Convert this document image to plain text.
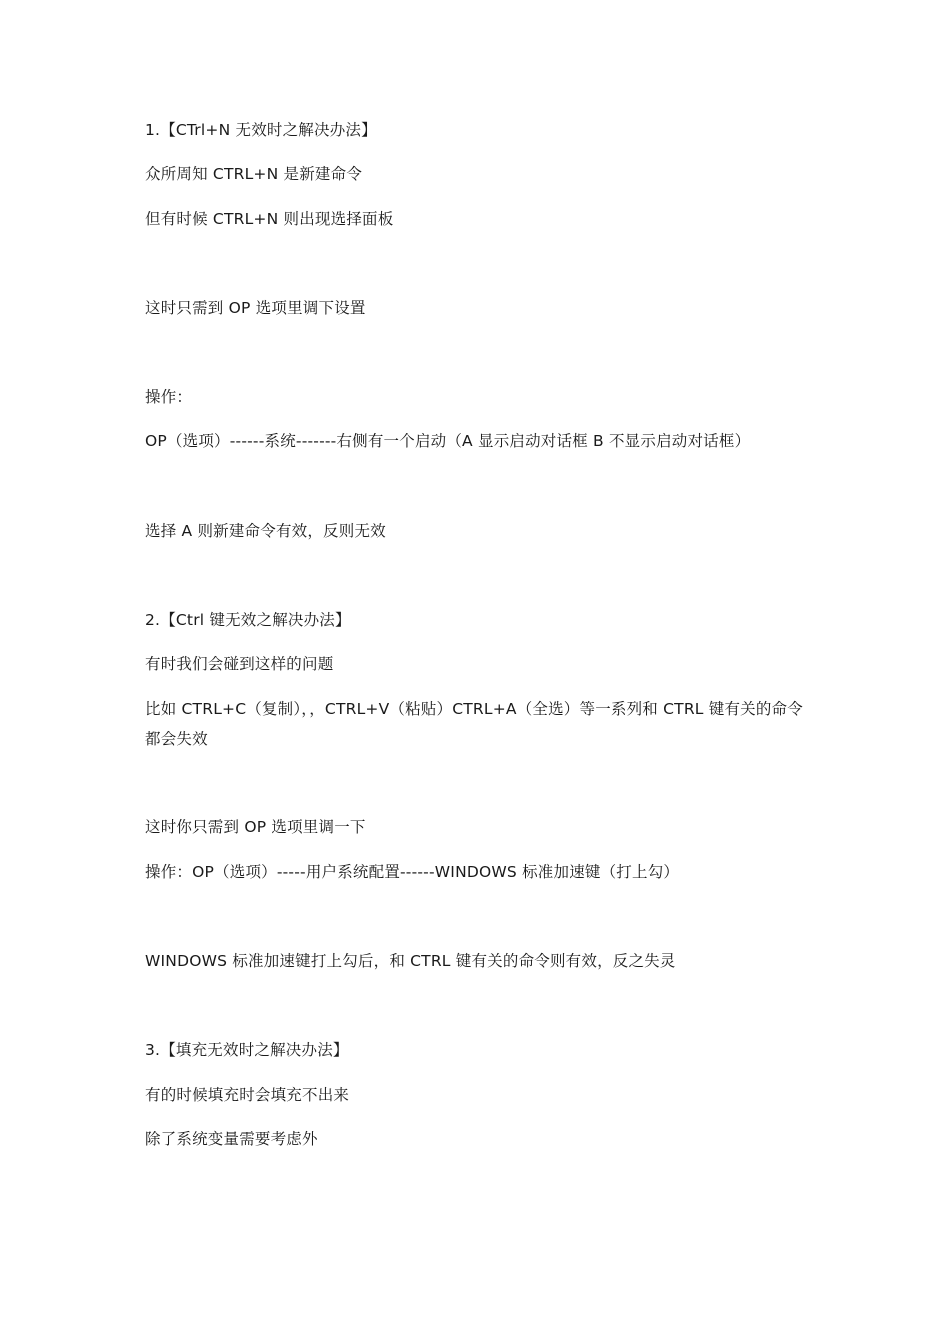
1.【CTrl+N 无效时之解决办法】
众所周知 CTRL+N 是新建命令
但有时候 CTRL+N 则出现选择面板
这时只需到 OP 选项里调下设置
操作：
OP（选项）------系统-------右侧有一个启动（A 显示启动对话框 B 不显示启动对话框）
选择 A 则新建命令有效，反则无效
2.【Ctrl 键无效之解决办法】
有时我们会碰到这样的问题
比如 CTRL+C（复制），，CTRL+V（粘贴）CTRL+A（全选）等一系列和 CTRL 键有关的命令都会失效
这时你只需到 OP 选项里调一下
操作：OP（选项）-----用户系统配置------WINDOWS 标准加速键（打上勾）
WINDOWS 标准加速键打上勾后，和 CTRL 键有关的命令则有效，反之失灵
3.【填充无效时之解决办法】
有的时候填充时会填充不出来
除了系统变量需要考虑外
